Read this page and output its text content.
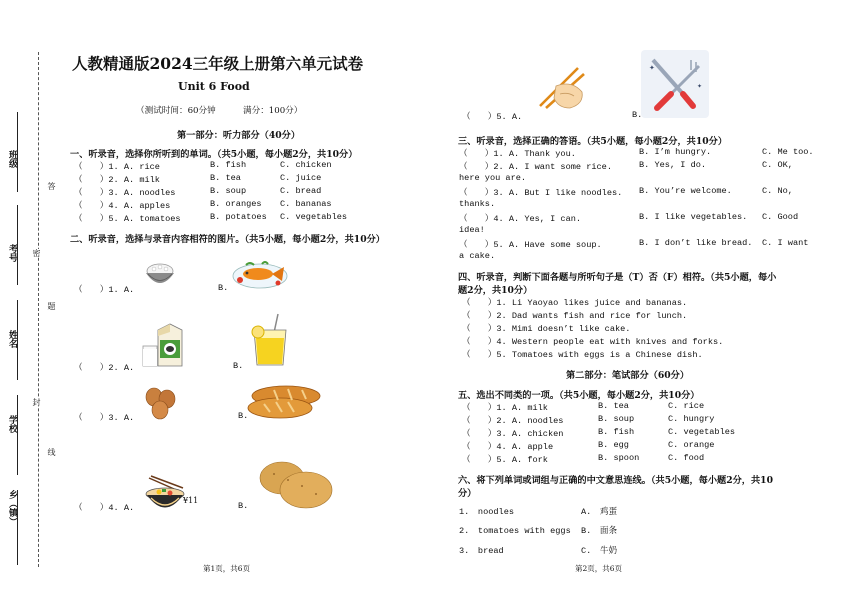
班级
考号
姓名
学校
乡（镇）
答
密
题
封
线
人教精通版2024三年级上册第六单元试卷
Unit 6 Food
（测试时间：60分钟	满分：100分）
第一部分：听力部分（40分）
一、听录音，选择你所听到的单词。（共5小题，每小题2分，共10分）
（　　）1. A. rice	B. fish	C. chicken
（　　）2. A. milk	B. tea	C. juice
（　　）3. A. noodles	B. soup	C. bread
（　　）4. A. apples	B. oranges C. bananas
（　　）5. A. tomatoes	B. potatoes C. vegetables
二、听录音，选择与录音内容相符的图片。（共5小题，每小题2分，共10分）
（　　）1. A.	B.
（　　）2. A.	B.
（　　）3. A.	B.
（　　）4. A.	B.
¥11
第1页，共6页
✦
✦
（　　）5. A.	B.
三、听录音，选择正确的答语。（共5小题，每小题2分，共10分）
（　　）1. A. Thank you.	B. I’m hungry.	C. Me too.
（　　）2. A. I want some rice.	B. Yes, I do.	C. OK,
here you are.
（　　）3. A. But I like noodles. B. You’re welcome.	C. No,
thanks.
（　　）4. A. Yes, I can.	B. I like vegetables. C. Good
idea!
（　　）5. A. Have some soup.	B. I don’t like bread. C. I want
a cake.
四、听录音，判断下面各题与所听句子是（T）否（F）相符。（共5小题，每小
题2分，共10分）
（　　）1. Li Yaoyao likes juice and bananas.
（　　）2. Dad wants fish and rice for lunch.
（　　）3. Mimi doesn’t like cake.
（　　）4. Western people eat with knives and forks.
（　　）5. Tomatoes with eggs is a Chinese dish.
第二部分：笔试部分（60分）
五、选出不同类的一项。（共5小题，每小题2分，共10分）
（　　）1. A. milk	B. tea	C. rice
（　　）2. A. noodles	B. soup	C. hungry
（　　）3. A. chicken	B. fish	C. vegetables
（　　）4. A. apple	B. egg	C. orange
（　　）5. A. fork	B. spoon	C. food
六、将下列单词或词组与正确的中文意思连线。（共5小题，每小题2分，共10
分）
1.　noodles	A.　鸡蛋
2.　tomatoes with eggs B.　面条
3.　bread	C.　牛奶
第2页，共6页
